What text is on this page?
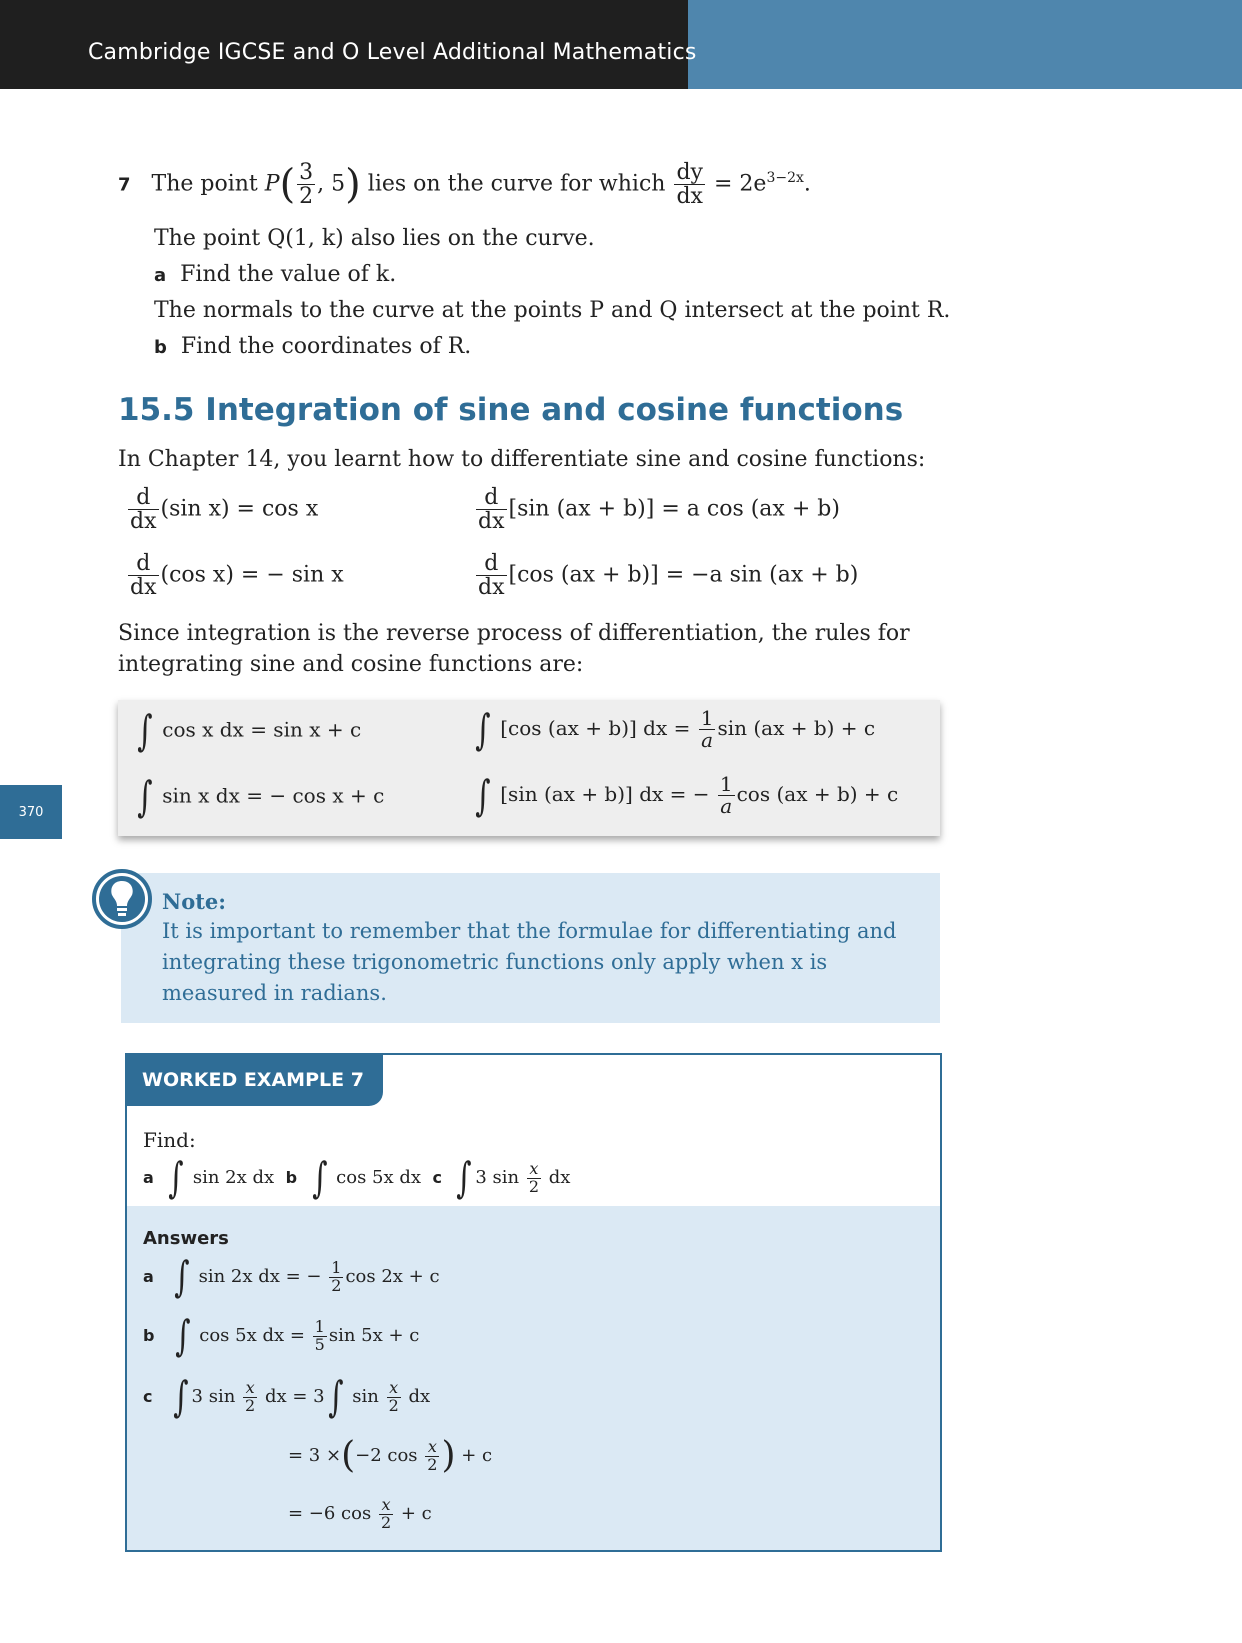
Cambridge IGCSE and O Level Additional Mathematics
370
7 The point $P( \frac{3}{2}$ , 5) lies on the curve for which $\frac{dy}{dx} = 2e^{3-2x}$.
The point Q(1, k) also lies on the curve.
a Find the value of k.
The normals to the curve at the points P and Q intersect at the point R.
b Find the coordinates of R.
15.5 Integration of sine and cosine functions
In Chapter 14, you learnt how to differentiate sine and cosine functions:
$\frac{d}{dx} (\sin$ x) = cos x	$\frac{d}{dx} [\sin$ (ax + b)] = a cos (ax + b)
$\frac{d}{dx} (\cos$ x) = − sin x	$\frac{d}{dx} [\cos$ (ax + b)] = −a sin (ax + b)
Since integration is the reverse process of differentiation, the rules for
integrating sine and cosine functions are:
∫ cos x dx = sin x + c
∫ sin x dx = − cos x + c
∫ [cos (ax + b)] dx = $\frac{1}{a}$ sin (ax + b) + c
∫ [sin (ax + b)] dx = − $\frac{1}{a}$ cos (ax + b) + c
Note:
It is important to remember that the formulae for differentiating and integrating these trigonometric functions only apply when x is measured in radians.
WORKED EXAMPLE 7
Find:
a ∫ sin 2x dx b ∫ cos 5x dx c ∫ 3 $\sin \frac{x}{2}$ dx
Answers
a ∫ sin 2x dx = − $\frac{1}{2}$ cos 2x + c
b ∫ cos 5x dx = $\frac{1}{5}$ sin 5x + c
c ∫ 3 $\sin \frac{x}{2}$ dx = 3∫ $\sin \frac{x}{2}$ dx
= 3 ×(−2 $\cos \frac{x}{2}$ ) + c
= −6 $\cos \frac{x}{2} + c$
